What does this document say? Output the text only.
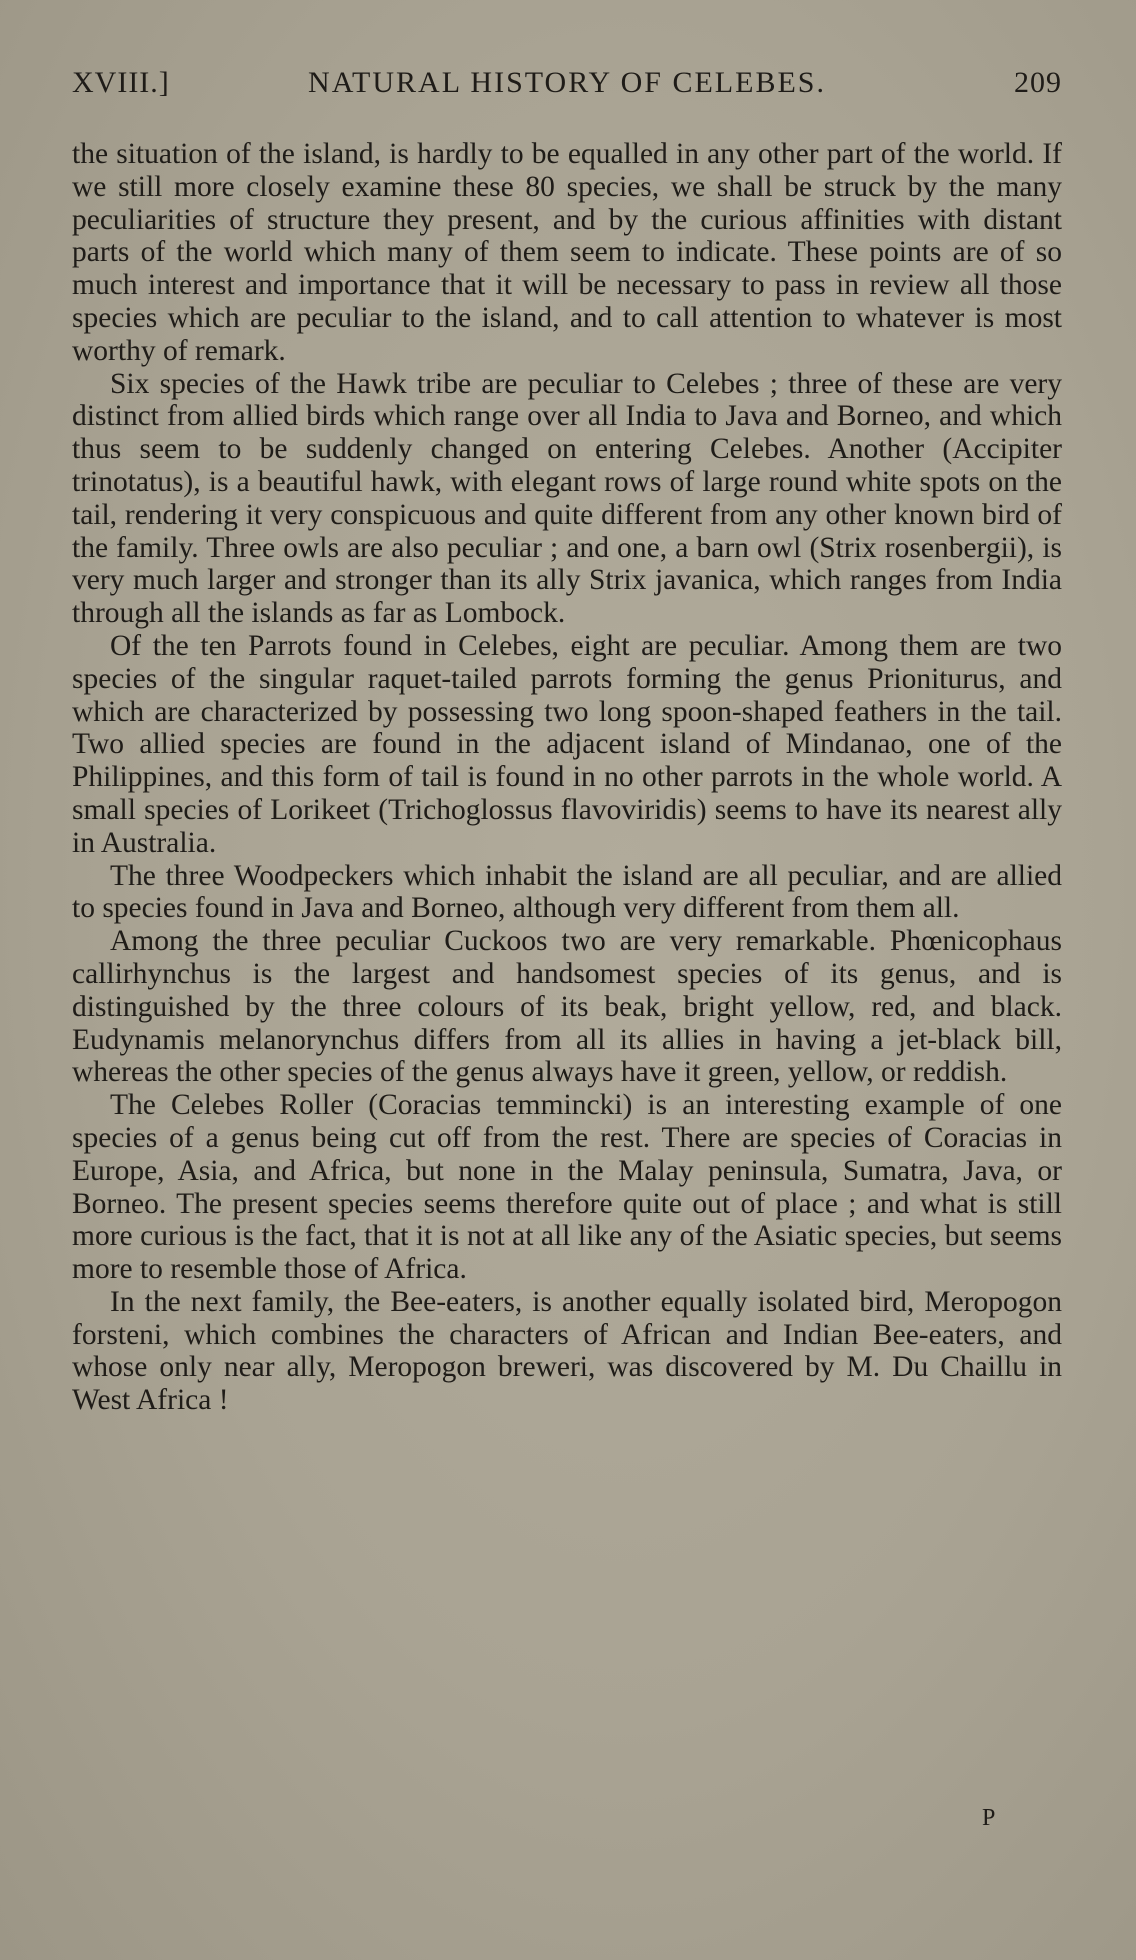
XVIII.]	NATURAL HISTORY OF CELEBES.	209

the situation of the island, is hardly to be equalled in any other part of the world. If we still more closely examine these 80 species, we shall be struck by the many peculiarities of structure they present, and by the curious affinities with distant parts of the world which many of them seem to indicate. These points are of so much interest and importance that it will be necessary to pass in review all those species which are peculiar to the island, and to call attention to whatever is most worthy of remark.

Six species of the Hawk tribe are peculiar to Celebes ; three of these are very distinct from allied birds which range over all India to Java and Borneo, and which thus seem to be suddenly changed on entering Celebes. Another (Accipiter trinotatus), is a beautiful hawk, with elegant rows of large round white spots on the tail, rendering it very conspicuous and quite different from any other known bird of the family. Three owls are also peculiar ; and one, a barn owl (Strix rosenbergii), is very much larger and stronger than its ally Strix javanica, which ranges from India through all the islands as far as Lombock.

Of the ten Parrots found in Celebes, eight are peculiar. Among them are two species of the singular raquet-tailed parrots forming the genus Prioniturus, and which are characterized by possessing two long spoon-shaped feathers in the tail. Two allied species are found in the adjacent island of Mindanao, one of the Philippines, and this form of tail is found in no other parrots in the whole world. A small species of Lorikeet (Trichoglossus flavoviridis) seems to have its nearest ally in Australia.

The three Woodpeckers which inhabit the island are all peculiar, and are allied to species found in Java and Borneo, although very different from them all.

Among the three peculiar Cuckoos two are very remarkable. Phœnicophaus callirhynchus is the largest and handsomest species of its genus, and is distinguished by the three colours of its beak, bright yellow, red, and black. Eudynamis melanorynchus differs from all its allies in having a jet-black bill, whereas the other species of the genus always have it green, yellow, or reddish.

The Celebes Roller (Coracias temmincki) is an interesting example of one species of a genus being cut off from the rest. There are species of Coracias in Europe, Asia, and Africa, but none in the Malay peninsula, Sumatra, Java, or Borneo. The present species seems therefore quite out of place ; and what is still more curious is the fact, that it is not at all like any of the Asiatic species, but seems more to resemble those of Africa.

In the next family, the Bee-eaters, is another equally isolated bird, Meropogon forsteni, which combines the characters of African and Indian Bee-eaters, and whose only near ally, Meropogon breweri, was discovered by M. Du Chaillu in West Africa !

P
